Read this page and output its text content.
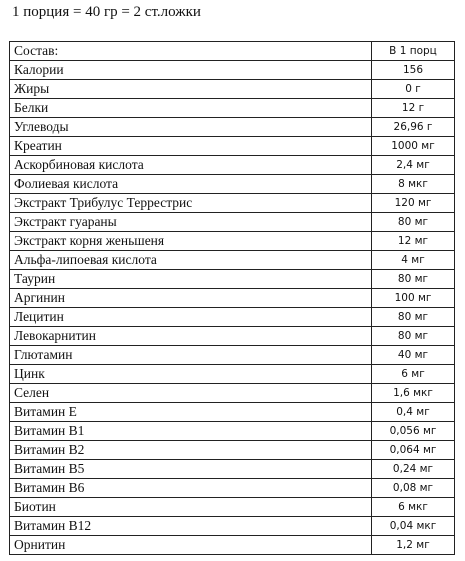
1 порция = 40 гр = 2 ст.ложки
Состав:	В 1 порц
Калории	156
Жиры	0 г
Белки	12 г
Углеводы	26,96 г
Креатин	1000 мг
Аскорбиновая кислота	2,4 мг
Фолиевая кислота	8 мкг
Экстракт Трибулус Террестрис	120 мг
Экстракт гуараны	80 мг
Экстракт корня женьшеня	12 мг
Альфа-липоевая кислота	4 мг
Таурин	80 мг
Аргинин	100 мг
Лецитин	80 мг
Левокарнитин	80 мг
Глютамин	40 мг
Цинк	6 мг
Селен	1,6 мкг
Витамин Е	0,4 мг
Витамин В1	0,056 мг
Витамин В2	0,064 мг
Витамин В5	0,24 мг
Витамин В6	0,08 мг
Биотин	6 мкг
Витамин В12	0,04 мкг
Орнитин	1,2 мг
